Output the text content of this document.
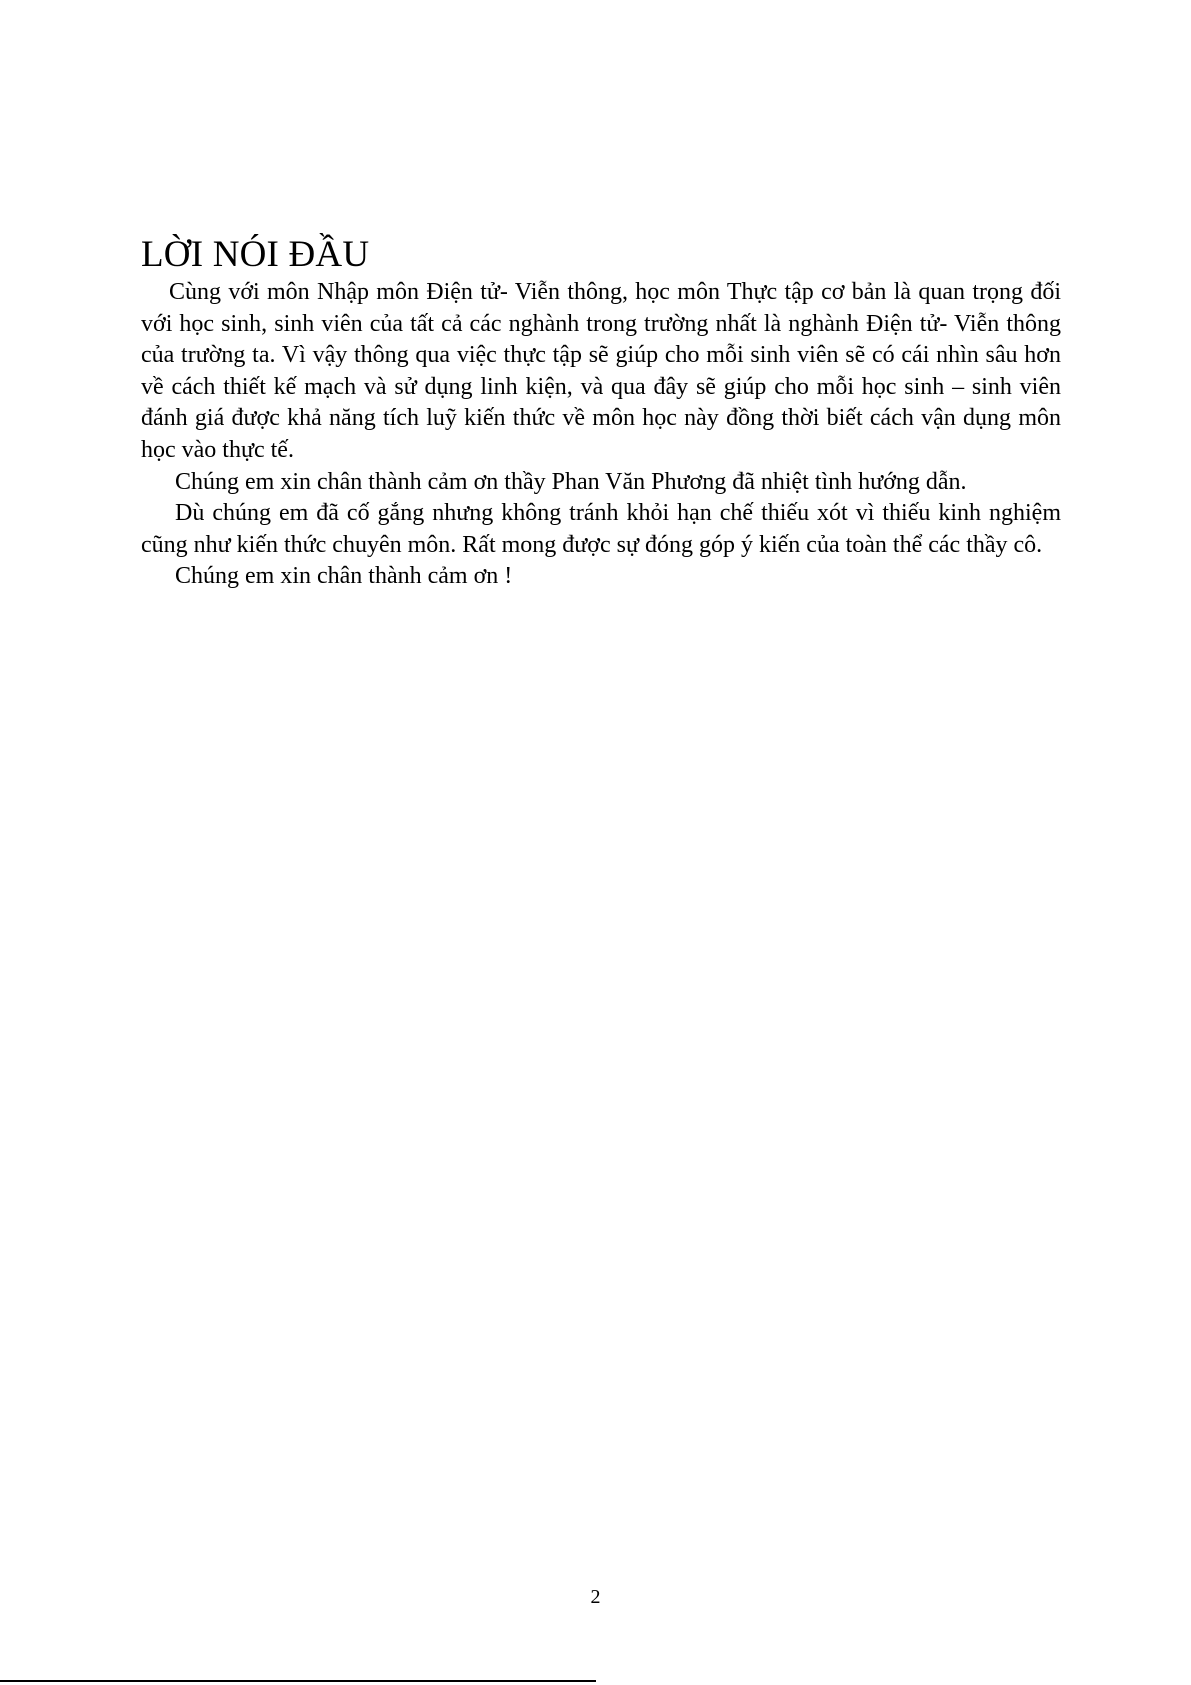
LỜI NÓI ĐẦU

Cùng với môn Nhập môn Điện tử- Viễn thông, học môn Thực tập cơ bản là quan trọng đối với học sinh, sinh viên của tất cả các nghành trong trường nhất là nghành Điện tử- Viễn thông của trường ta. Vì vậy thông qua việc thực tập sẽ giúp cho mỗi sinh viên sẽ có cái nhìn sâu hơn về cách thiết kế mạch và sử dụng linh kiện, và qua đây sẽ giúp cho mỗi học sinh – sinh viên đánh giá được khả năng tích luỹ kiến thức về môn học này đồng thời biết cách vận dụng môn học vào thực tế.

Chúng em xin chân thành cảm ơn thầy Phan Văn Phương đã nhiệt tình hướng dẫn.

Dù chúng em đã cố gắng nhưng không tránh khỏi hạn chế thiếu xót vì thiếu kinh nghiệm cũng như kiến thức chuyên môn. Rất mong được sự đóng góp ý kiến của toàn thể các thầy cô.

Chúng em xin chân thành cảm ơn !

2
